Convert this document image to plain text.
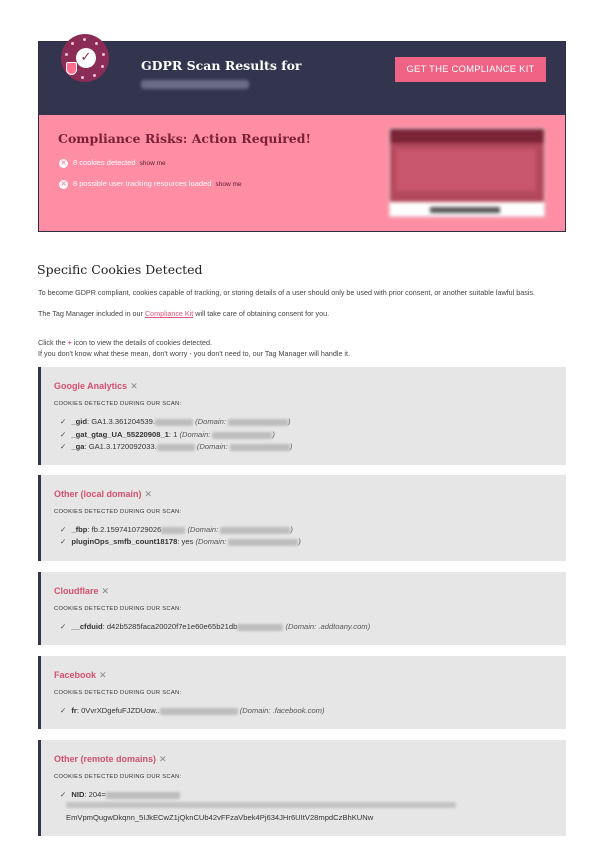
✓
GDPR Scan Results for	GET THE COMPLIANCE KIT
Compliance Risks: Action Required!
✕ 8 cookies detected show me
✕ 8 possible user tracking resources loaded show me
Specific Cookies Detected
To become GDPR compliant, cookies capable of tracking, or storing details of a user should only be used with prior consent, or another suitable lawful basis.
The Tag Manager included in our Compliance Kit will take care of obtaining consent for you.
Click the + icon to view the details of cookies detected.
If you don't know what these mean, don't worry - you don't need to, our Tag Manager will handle it.
Google Analytics ✕
COOKIES DETECTED DURING OUR SCAN:
✓ _gid: GA1.3.361204539.	(Domain:	)
✓ _gat_gtag_UA_55220908_1: 1 (Domain:	)
✓ _ga: GA1.3.1720092033.	(Domain:	)
Other (local domain) ✕
COOKIES DETECTED DURING OUR SCAN:
✓ _fbp: fb.2.1597410729026	(Domain:	)
✓ pluginOps_smfb_count18178: yes (Domain:	)
Cloudflare ✕
COOKIES DETECTED DURING OUR SCAN:
✓ __cfduid: d42b5285faca20020f7e1e60e65b21db	(Domain: .addtoany.com)
Facebook ✕
COOKIES DETECTED DURING OUR SCAN:
✓ fr: 0VvrXDgefuFJZDUow..	(Domain: .facebook.com)
Other (remote domains) ✕
COOKIES DETECTED DURING OUR SCAN:
✓ NID: 204=
EmVpmQugwDkqnn_5IJkECwZ1jQknCUb42vFFzaVbek4Pj634JHr6UItV28mpdCzBhKUNw
